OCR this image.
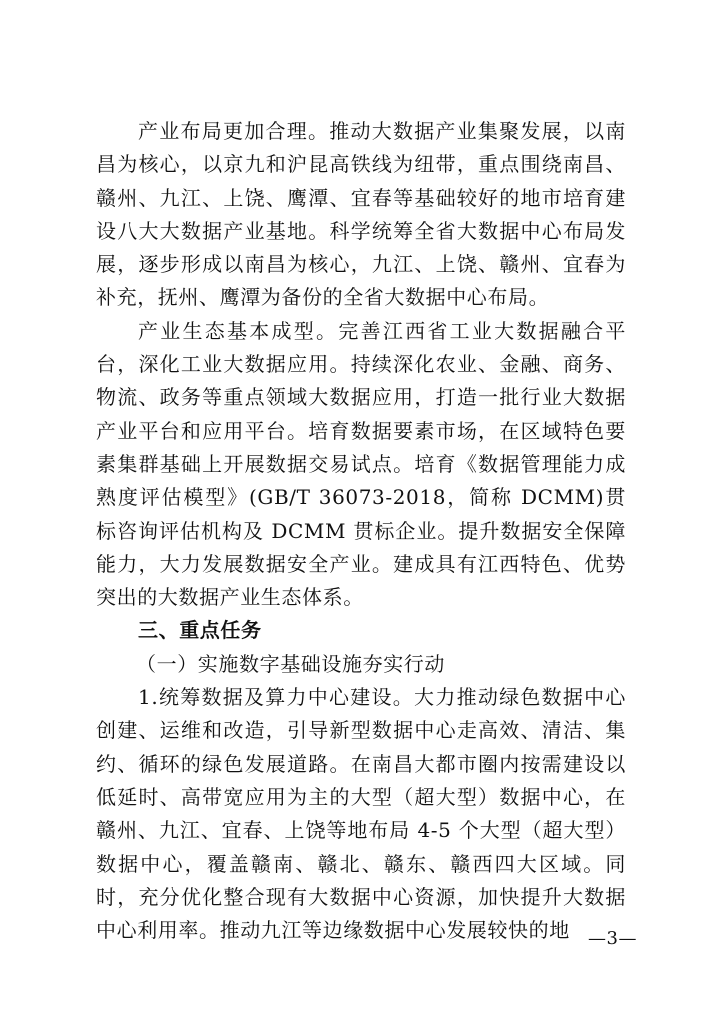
产业布局更加合理。推动大数据产业集聚发展，以南昌为核心，以京九和沪昆高铁线为纽带，重点围绕南昌、赣州、九江、上饶、鹰潭、宜春等基础较好的地市培育建设八大大数据产业基地。科学统筹全省大数据中心布局发展，逐步形成以南昌为核心，九江、上饶、赣州、宜春为补充，抚州、鹰潭为备份的全省大数据中心布局。

产业生态基本成型。完善江西省工业大数据融合平台，深化工业大数据应用。持续深化农业、金融、商务、物流、政务等重点领域大数据应用，打造一批行业大数据产业平台和应用平台。培育数据要素市场，在区域特色要素集群基础上开展数据交易试点。培育《数据管理能力成熟度评估模型》(GB/T 36073-2018，简称 DCMM)贯标咨询评估机构及 DCMM 贯标企业。提升数据安全保障能力，大力发展数据安全产业。建成具有江西特色、优势突出的大数据产业生态体系。

三、重点任务

（一）实施数字基础设施夯实行动

1.统筹数据及算力中心建设。大力推动绿色数据中心创建、运维和改造，引导新型数据中心走高效、清洁、集约、循环的绿色发展道路。在南昌大都市圈内按需建设以低延时、高带宽应用为主的大型（超大型）数据中心，在赣州、九江、宜春、上饶等地布局 4-5 个大型（超大型）数据中心，覆盖赣南、赣北、赣东、赣西四大区域。同时，充分优化整合现有大数据中心资源，加快提升大数据中心利用率。推动九江等边缘数据中心发展较快的地	—3—
